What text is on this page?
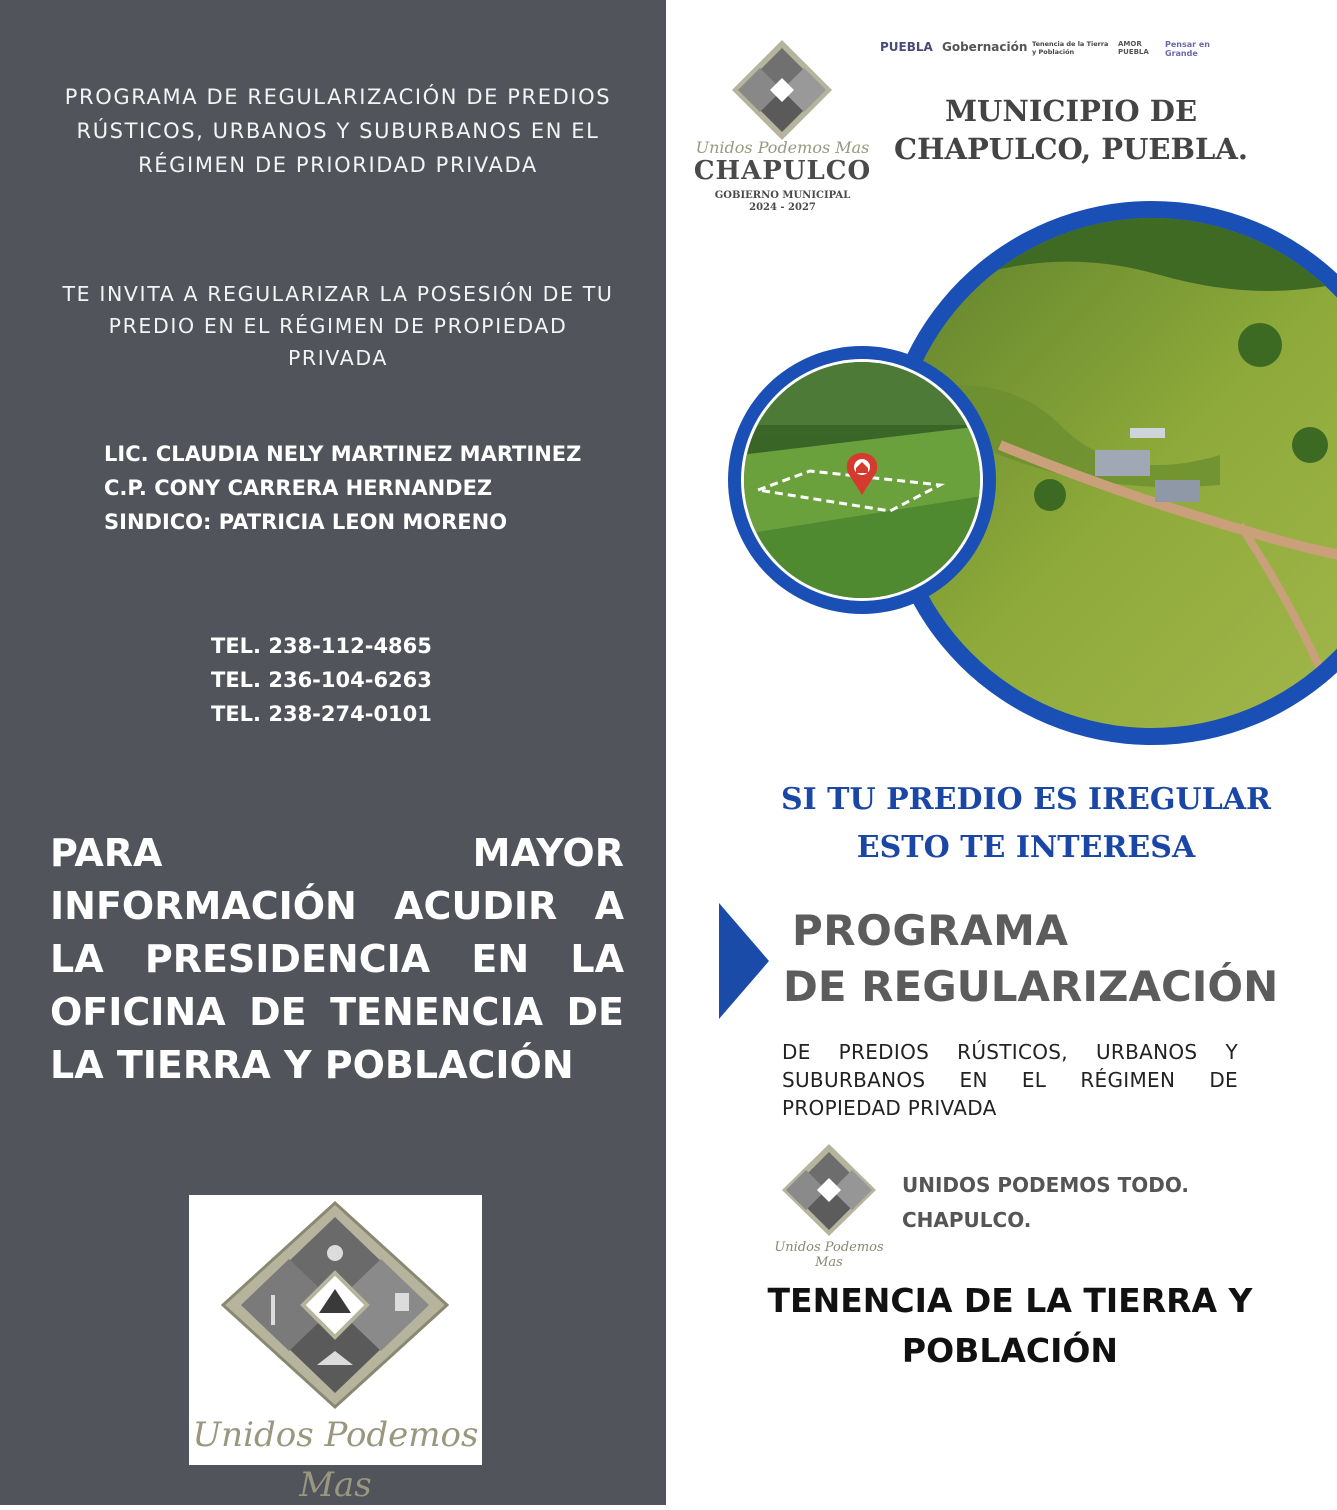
PROGRAMA DE REGULARIZACIÓN DE PREDIOS RÚSTICOS, URBANOS Y SUBURBANOS EN EL RÉGIMEN DE PRIORIDAD PRIVADA
TE INVITA A REGULARIZAR LA POSESIÓN DE TU PREDIO EN EL RÉGIMEN DE PROPIEDAD PRIVADA
LIC. CLAUDIA NELY MARTINEZ MARTINEZ
C.P. CONY CARRERA HERNANDEZ
SINDICO: PATRICIA LEON MORENO
TEL. 238-112-4865
TEL. 236-104-6263
TEL. 238-274-0101
PARA MAYOR INFORMACIÓN ACUDIR A LA PRESIDENCIA EN LA OFICINA DE TENENCIA DE LA TIERRA Y POBLACIÓN
Unidos Podemos Mas
Unidos Podemos Mas
CHAPULCO
GOBIERNO MUNICIPAL
2024 - 2027
PUEBLA Gobernación Tenencia de la Tierra y Población
AMOR PUEBLA
Pensar en Grande
MUNICIPIO DE CHAPULCO, PUEBLA.
SI TU PREDIO ES IREGULAR
ESTO TE INTERESA
PROGRAMA
DE REGULARIZACIÓN
DE PREDIOS RÚSTICOS, URBANOS Y SUBURBANOS EN EL RÉGIMEN DE PROPIEDAD PRIVADA
Unidos Podemos Mas
UNIDOS PODEMOS TODO.
CHAPULCO.
TENENCIA DE LA TIERRA Y POBLACIÓN
